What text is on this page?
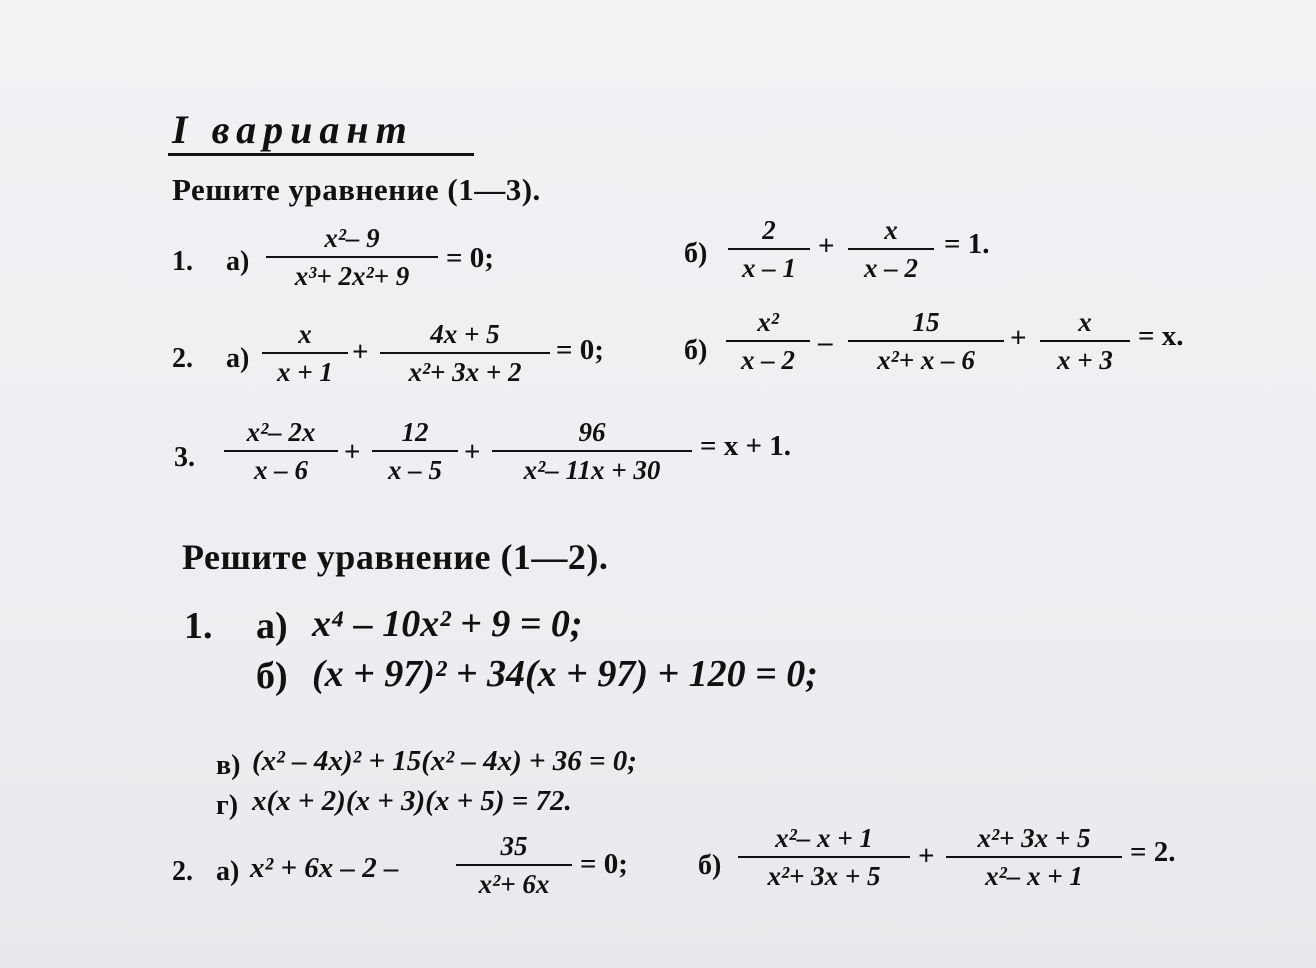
I вариант
Решите уравнение (1—3).
1. а)
x²– 9
x³+ 2x²+ 9
= 0;	б)
2
x – 1
+ x
x – 2
= 1.
2. а)
x
x + 1
+
4x + 5
x²+ 3x + 2
= 0;	б)
x²
x – 2
–
15
x²+ x – 6
+ x
x + 3
= x.
3.
x²– 2x
x – 6
+
12
x – 5
+
96
x²– 11x + 30
= x + 1.
Решите уравнение (1—2).
1. а) x⁴ – 10x² + 9 = 0;
б) (x + 97)² + 34(x + 97) + 120 = 0;
в) (x² – 4x)² + 15(x² – 4x) + 36 = 0;
г) x(x + 2)(x + 3)(x + 5) = 72.
2. а) x² + 6x – 2 –
35
x²+ 6x
= 0;	б)
x²– x + 1
x²+ 3x + 5
+
x²+ 3x + 5
x²– x + 1
= 2.
